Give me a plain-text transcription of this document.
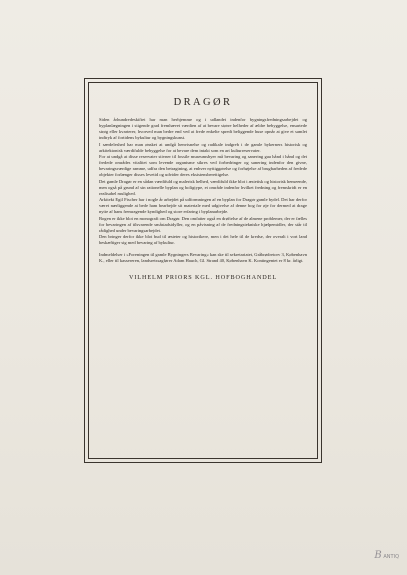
DRAGØR

Siden århundredeskiftet har man herhjemme og i udlandet indenfor bygningsfredningsarbejdet og byplanlægningen i stigende grad fremhævet værdien af at bevare større helheder af ældre bebyggelse, ensartede strøg eller kvarterer, hvorved man bedre end ved at frede enkelte spredt beliggende huse opnår at give et samlet indtryk af fortidens bykultur og bygningskunst.

I særdeleshed har man ønsket at undgå henvisnelse og radikale indgreb i de gamle bykerners historisk og arkitektonisk værdifulde bebyggelse for at bevare dem intakt som en art kulturreservater.

For at undgå at disse reservater stivner til fossile museumsbyer må bevaring og sanering gaa hånd i hånd og det fredede områdes vitalitet som levende organisme sikres ved forbedringer og sanering indenfor den givne, bevaringsværdige ramme, udfra den betragtning, at enhver nyttiggørelse og forhøjelse af brugbarheden af fredede objekter forlænger disses levetid og udvider deres eksistensberettigelse.

Det gamle Dragør er en sådan værdifuld og malerisk helhed, værdifuld ikke blot i æstetisk og historisk henseende, men også på grund af sin rationelle byplan og boligtype, et område indenfor hvilket fredning og fremskridt er en realisabel mulighed.

Arkitekt Egil Fischer har i nogle år arbejdet på udformningen af en byplan for Dragør gamle bydel. Det har derfor været nærliggende at bede ham bearbejde sit materiale med udgivelse af denne bog for øje for dermed at drage nytte af hans fremragende kyndighed og store erfaring i byplanarbejde.

Bogen er ikke blot en monografi om Dragør. Den omfatter også en drøftelse af de almene problemer, der er fælles for bevaringen af tilsvarende småstadsidyller, og en påvisning af de fredningstekniske hjælpemidler, der står til rådighed under bevaringsarbejdet.

Den bringer derfor ikke blot bud til æsteter og historikere, men i det hele til de kredse, der overalt i vort land beskæftiger sig med bevaring af bykultur.

Indmeldelser i »Foreningen til gamle Bygningers Bevaring« kan ske til sekretariatet, Gråbrødretorv 3, København K., eller til kassereren, landsretssagfører Adam Hauch, Gl. Strand 40, København K. Kontingentet er 8 kr. årligt.
VILHELM PRIORS KGL. HOFBOGHANDEL
B ANTIQ
